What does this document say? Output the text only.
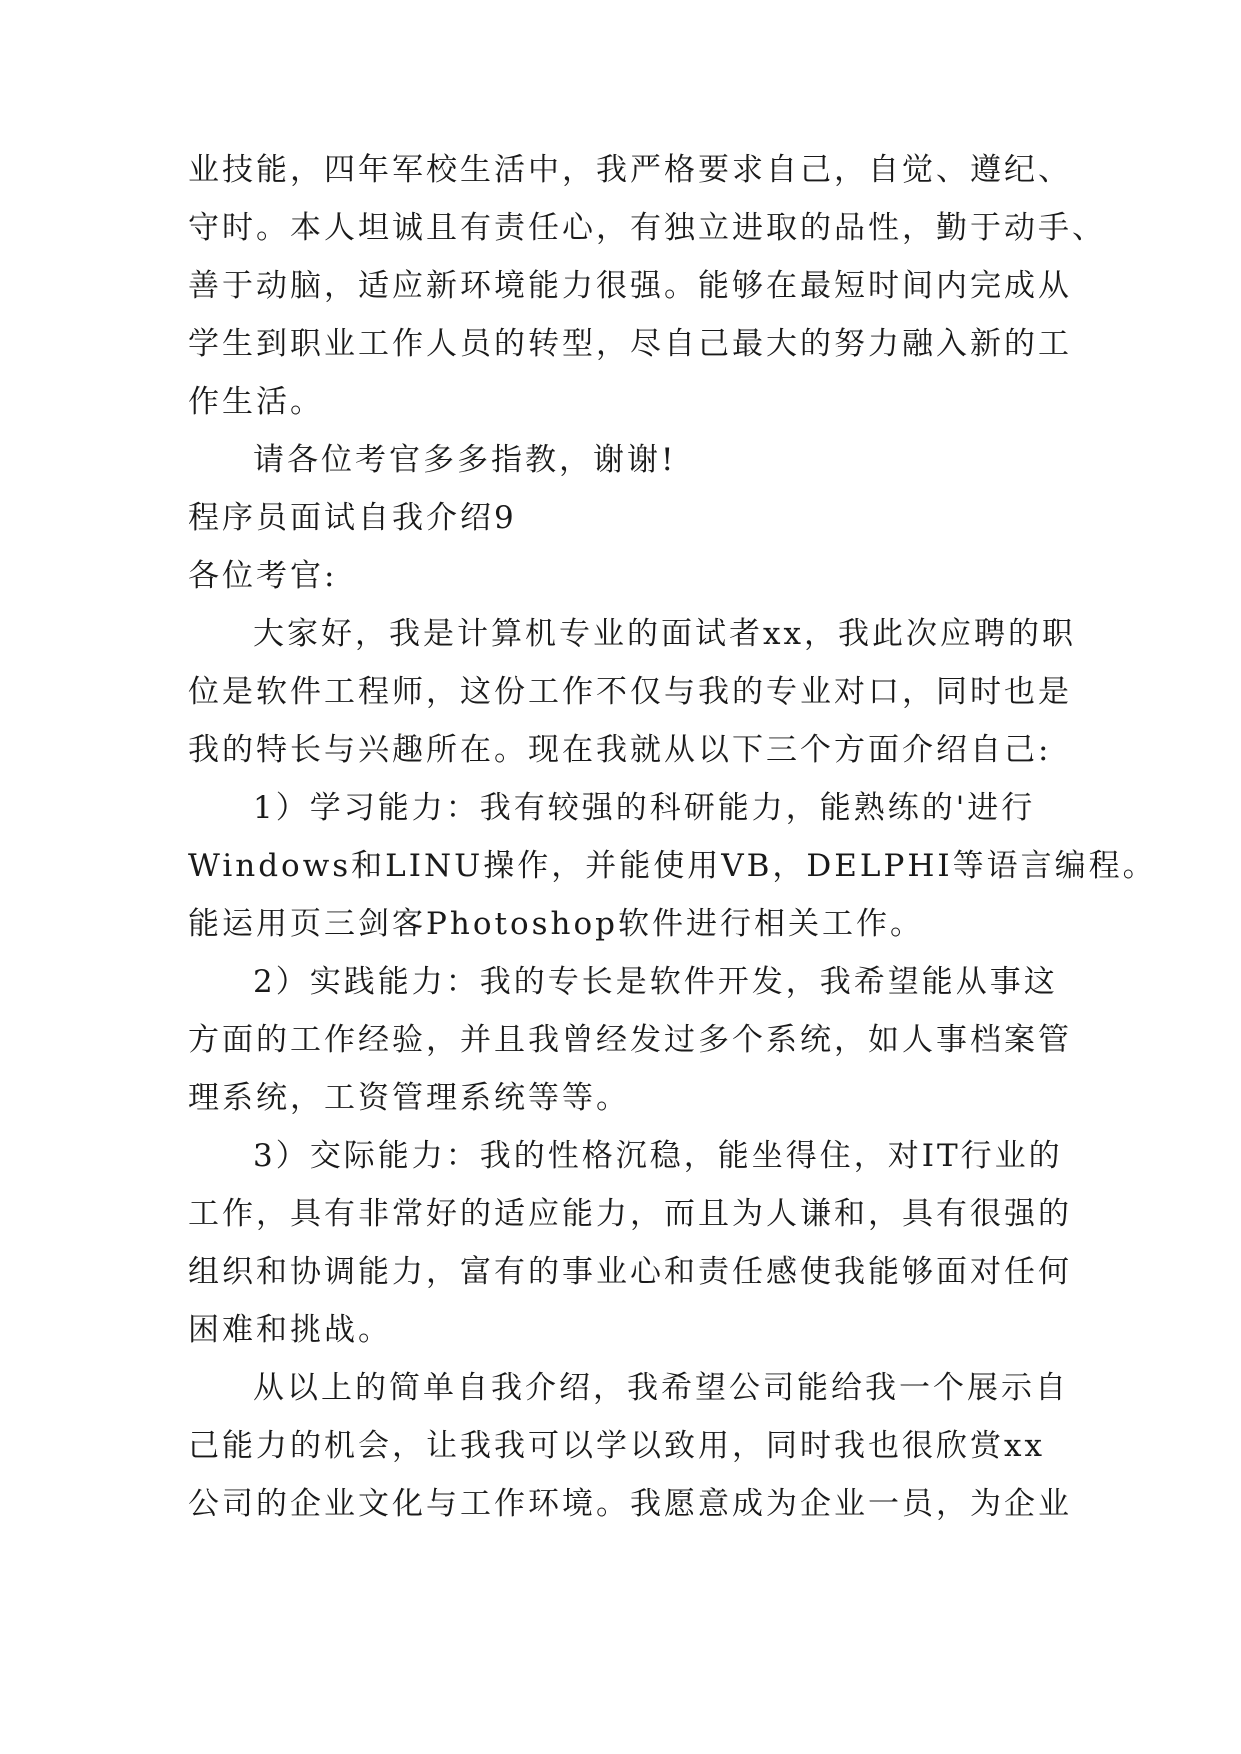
业技能，四年军校生活中，我严格要求自己，自觉、遵纪、
守时。本人坦诚且有责任心，有独立进取的品性，勤于动手、
善于动脑，适应新环境能力很强。能够在最短时间内完成从
学生到职业工作人员的转型，尽自己最大的努力融入新的工
作生活。
请各位考官多多指教，谢谢!
程序员面试自我介绍9
各位考官:
大家好，我是计算机专业的面试者xx，我此次应聘的职
位是软件工程师，这份工作不仅与我的专业对口，同时也是
我的特长与兴趣所在。现在我就从以下三个方面介绍自己:
1）学习能力：我有较强的科研能力，能熟练的'进行
Windows和LINU操作，并能使用VB，DELPHI等语言编程。
能运用页三剑客Photoshop软件进行相关工作。
2）实践能力：我的专长是软件开发，我希望能从事这
方面的工作经验，并且我曾经发过多个系统，如人事档案管
理系统，工资管理系统等等。
3）交际能力：我的性格沉稳，能坐得住，对IT行业的
工作，具有非常好的适应能力，而且为人谦和，具有很强的
组织和协调能力，富有的事业心和责任感使我能够面对任何
困难和挑战。
从以上的简单自我介绍，我希望公司能给我一个展示自
己能力的机会，让我我可以学以致用，同时我也很欣赏xx
公司的企业文化与工作环境。我愿意成为企业一员，为企业
